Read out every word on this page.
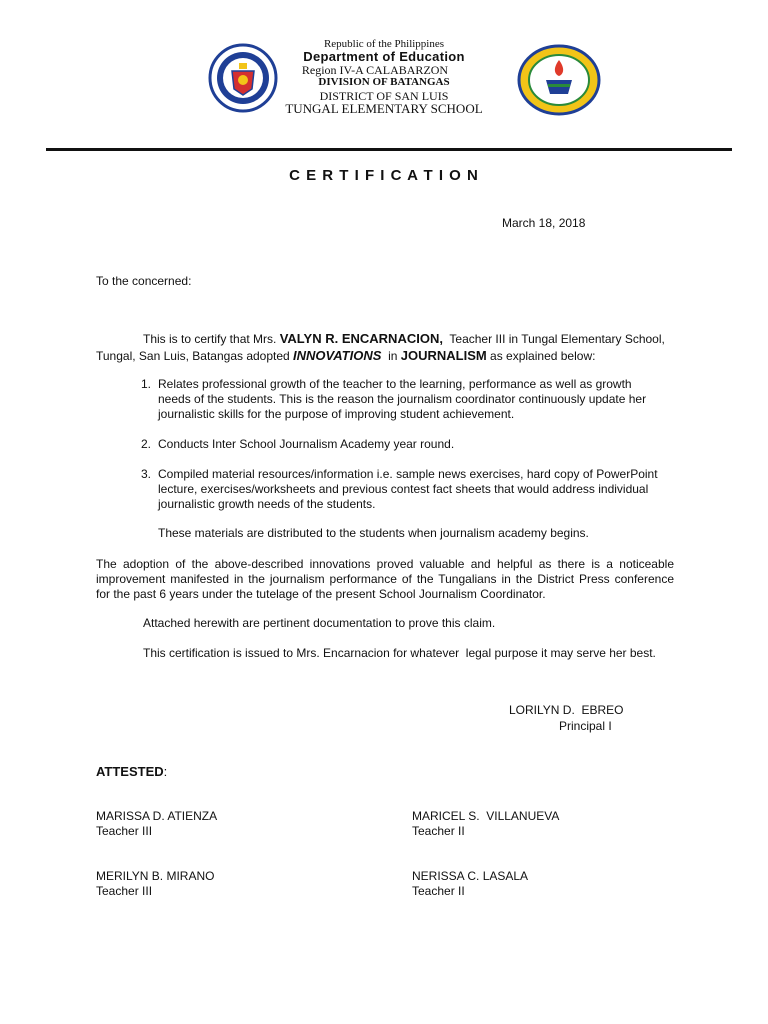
Republic of the Philippines
Department of Education
Region IV-A CALABARZON
DIVISION OF BATANGAS
DISTRICT OF SAN LUIS
TUNGAL ELEMENTARY SCHOOL
C E R T I F I C A T I O N
March 18, 2018
To the concerned:
This is to certify that Mrs. VALYN R. ENCARNACION,  Teacher III in Tungal Elementary School,
Tungal, San Luis, Batangas adopted INNOVATIONS  in JOURNALISM as explained below:
1. Relates professional growth of the teacher to the learning, performance as well as growth
needs of the students. This is the reason the journalism coordinator continuously update her
journalistic skills for the purpose of improving student achievement.
2. Conducts Inter School Journalism Academy year round.
3. Compiled material resources/information i.e. sample news exercises, hard copy of PowerPoint
lecture, exercises/worksheets and previous contest fact sheets that would address individual
journalistic growth needs of the students.
These materials are distributed to the students when journalism academy begins.
The adoption of the above-described innovations proved valuable and helpful as there is a noticeable
improvement manifested in the journalism performance of the Tungalians in the District Press conference
for the past 6 years under the tutelage of the present School Journalism Coordinator.
Attached herewith are pertinent documentation to prove this claim.
This certification is issued to Mrs. Encarnacion for whatever  legal purpose it may serve her best.
LORILYN D.  EBREO
Principal I
ATTESTED:
MARISSA D. ATIENZA
Teacher III
MARICEL S.  VILLANUEVA
Teacher II
MERILYN B. MIRANO
Teacher III
NERISSA C. LASALA
Teacher II
